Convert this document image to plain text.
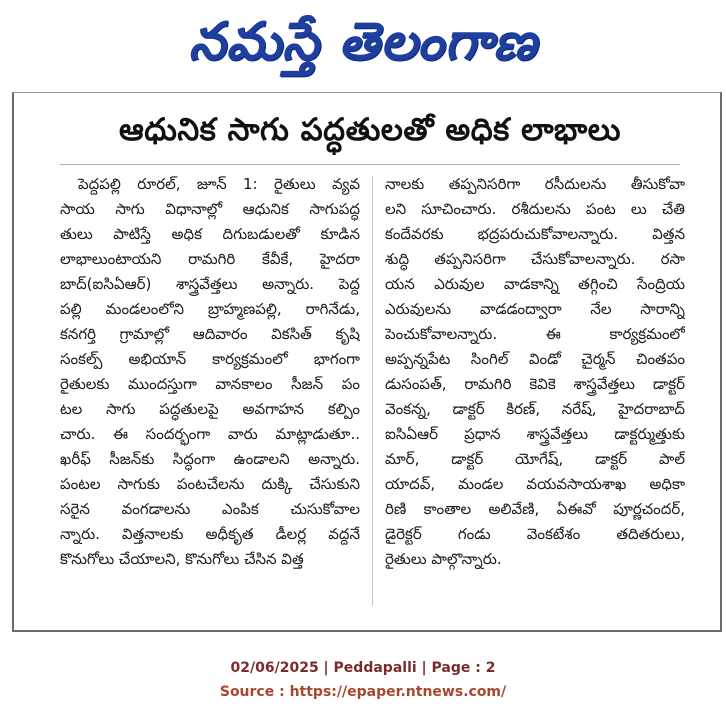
నమస్తే తెలంగాణ
ఆధునిక సాగు పద్ధతులతో అధిక లాభాలు
పెద్దపల్లి రూరల్, జూన్ 1: రైతులు వ్యవ
సాయ సాగు విధానాల్లో ఆధునిక సాగుపద్ధ
తులు పాటిస్తే అధిక దిగుబడులతో కూడిన
లాభాలుంటాయని రామగిరి కేవీకే, హైదరా
బాద్(ఐసిఏఆర్) శాస్త్రవేత్తలు అన్నారు. పెద్ద
పల్లి మండలంలోని బ్రాహ్మణపల్లి, రాగినేడు,
కనగర్తి గ్రామాల్లో ఆదివారం వికసిత్ కృషి
సంకల్ప్ అభియాన్ కార్యక్రమంలో భాగంగా
రైతులకు ముందస్తుగా వానకాలం సీజన్ పం
టల సాగు పద్ధతులపై అవగాహన కల్పిం
చారు. ఈ సందర్భంగా వారు మాట్లాడుతూ..
ఖరీఫ్ సీజన్‌కు సిద్ధంగా ఉండాలని అన్నారు.
పంటల సాగుకు పంటచేలను దుక్కి చేసుకుని
సరైన వంగడాలను ఎంపిక చుసుకోవాల
న్నారు. విత్తనాలకు అధీకృత డీలర్ల వద్దనే
కొనుగోలు చేయాలని, కొనుగోలు చేసిన విత్త
నాలకు తప్పనిసరిగా రసీదులను తీసుకోవా
లని సూచించారు. రశీదులను పంట లు చేతి
కందేవరకు భద్రపరుచుకోవాలన్నారు. విత్తన
శుద్ధి తప్పనిసరిగా చేసుకోవాలన్నారు. రసా
యన ఎరువుల వాడకాన్ని తగ్గించి సేంద్రియ
ఎరువులను వాడడంద్వారా నేల సారాన్ని
పెంచుకోవాలన్నారు. ఈ కార్యక్రమంలో
అప్పన్నపేట సింగిల్ విండో చైర్మన్ చింతపం
డుసంపత్, రామగిరి కెవికె శాస్త్రవేత్తలు డాక్టర్
వెంకన్న, డాక్టర్ కిరణ్, నరేష్, హైదరాబాద్
ఐసిఏఆర్ ప్రధాన శాస్త్రవేత్తలు డాక్టర్ముత్తుకు
మార్, డాక్టర్ యోగేష్, డాక్టర్ పాల్
యాదవ్, మండల వయవసాయశాఖ అధికా
రిణి కాంతాల అలివేణి, ఏఈవో పూర్ణచందర్,
డైరెక్టర్ గండు వెంకటేశం తదితరులు,
రైతులు పాల్గొన్నారు.
02/06/2025 | Peddapalli | Page : 2
Source : https://epaper.ntnews.com/
